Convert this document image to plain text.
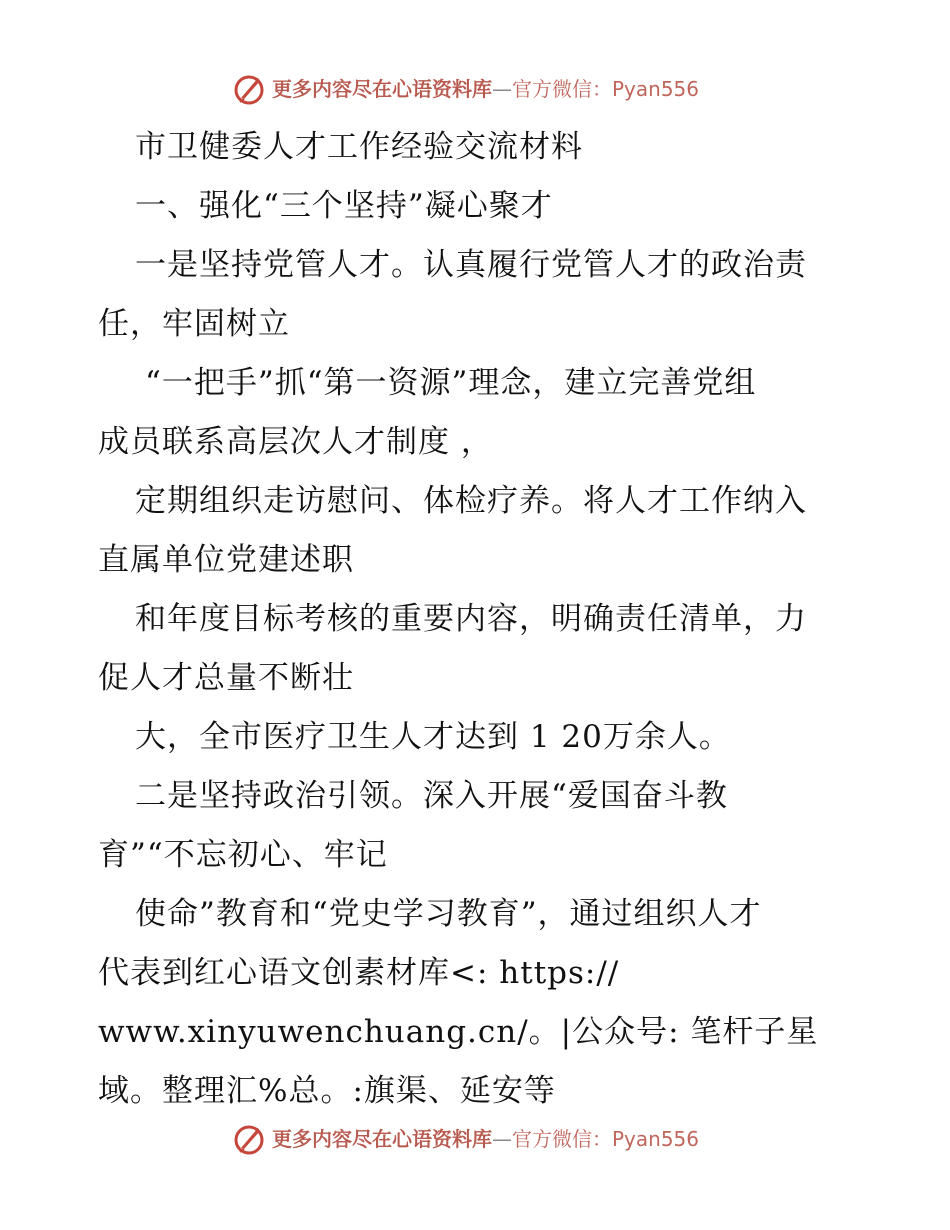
更多内容尽在心语资料库—官方微信：Pyan556
市卫健委人才工作经验交流材料
一、强化“三个坚持”凝心聚才
一是坚持党管人才。认真履行党管人才的政治责
任，牢固树立
“一把手”抓“第一资源”理念，建立完善党组
成员联系高层次人才制度 ，
定期组织走访慰问、体检疗养。将人才工作纳入
直属单位党建述职
和年度目标考核的重要内容，明确责任清单，力
促人才总量不断壮
大，全市医疗卫生人才达到 1 20万余人。
二是坚持政治引领。深入开展“爱国奋斗教
育”“不忘初心、牢记
使命”教育和“党史学习教育”，通过组织人才
代表到红心语文创素材库<: https://
www.xinyuwenchuang.cn/。|公众号: 笔杆子星
域。整理汇%总。:旗渠、延安等
更多内容尽在心语资料库—官方微信：Pyan556
